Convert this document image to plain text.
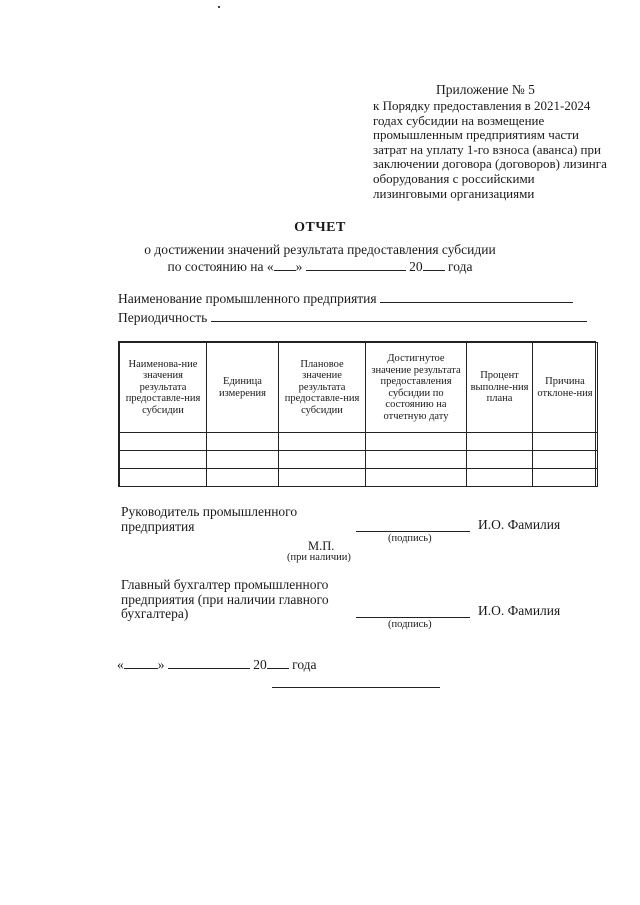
Приложение № 5
к Порядку предоставления в 2021-2024 годах субсидии на возмещение промышленным предприятиям части затрат на уплату 1-го взноса (аванса) при заключении договора (договоров) лизинга оборудования с российскими лизинговыми организациями
ОТЧЕТ
о достижении значений результата предоставления субсидии
по состоянию на « »	20 года
Наименование промышленного предприятия
Периодичность
Наименова-ние значения результата предоставле-ния субсидии	Единица измерения	Плановое значение результата предоставле-ния субсидии	Достигнутое значение результата предоставления субсидии по состоянию на отчетную дату	Процент выполне-ния плана	Причина отклоне-ния

Руководитель промышленного
предприятия
(подпись)
И.О. Фамилия
М.П.
(при наличии)
Главный бухгалтер промышленного
предприятия (при наличии главного
бухгалтера)
(подпись)
И.О. Фамилия
«	»	20 года
